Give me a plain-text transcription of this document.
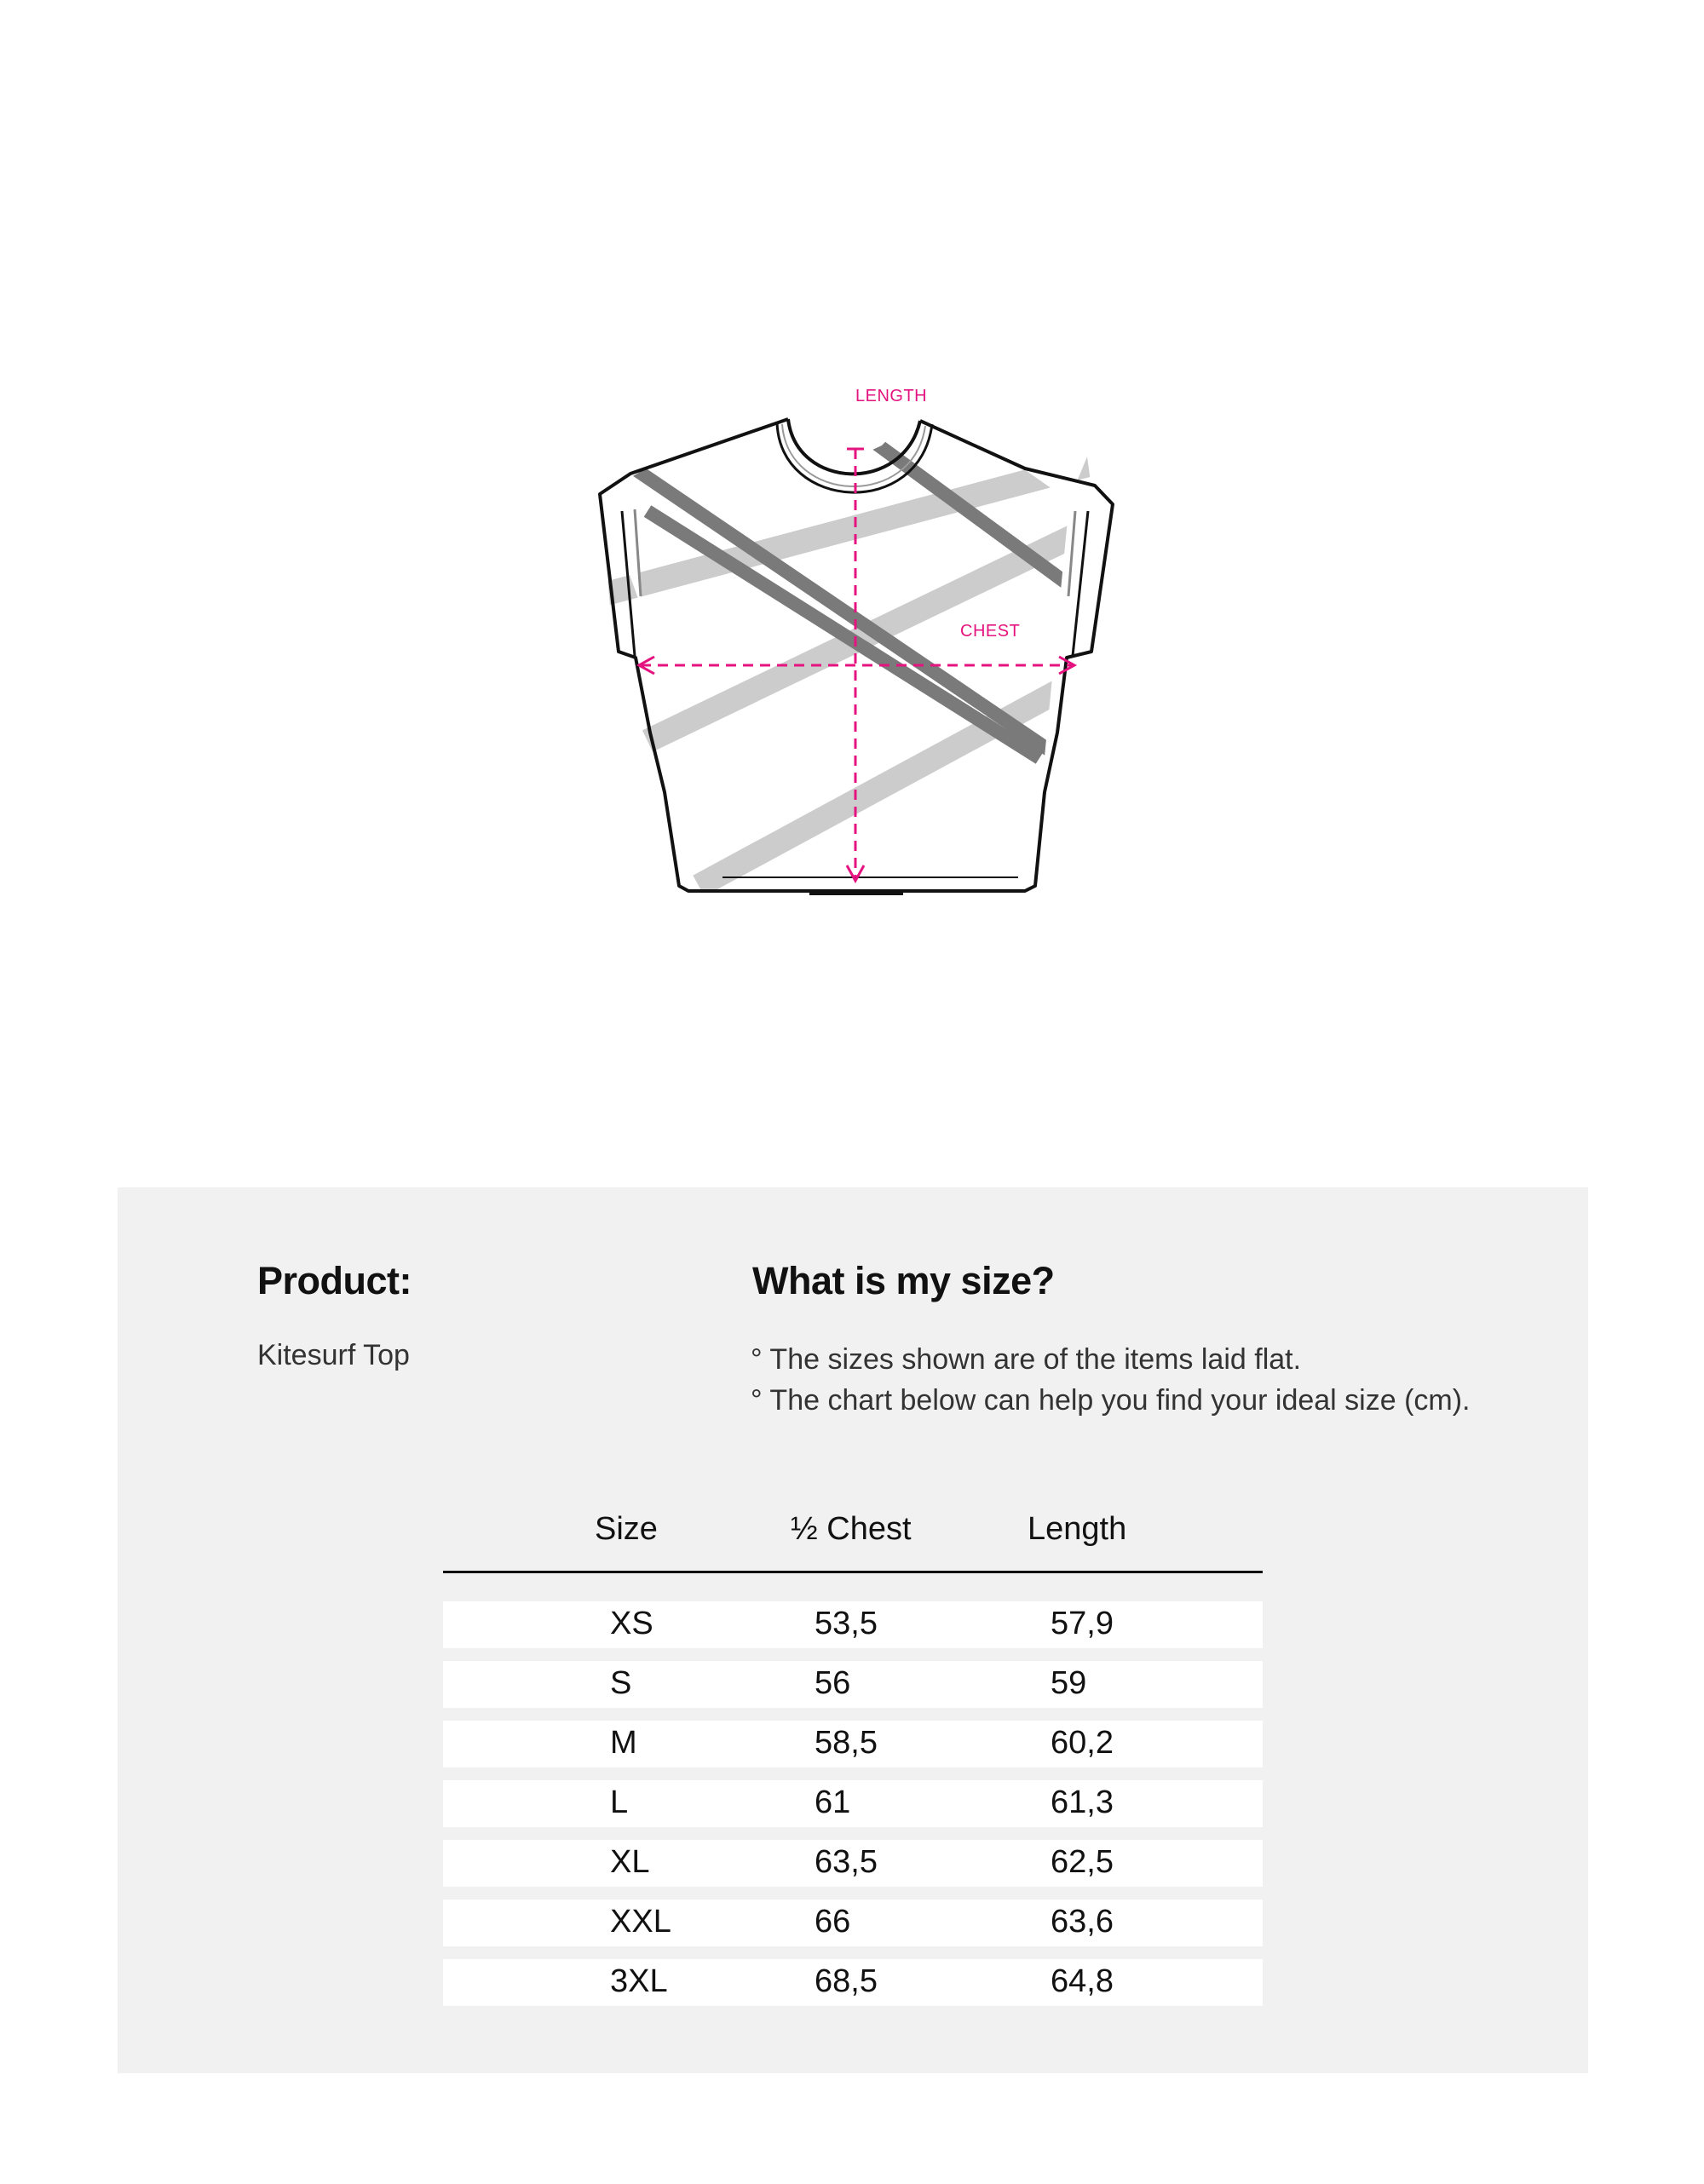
LENGTH
CHEST
Product:
Kitesurf Top
What is my size?
° The sizes shown are of the items laid flat.
° The chart below can help you find your ideal size (cm).
Size	½ Chest	Length
XS	53,5	57,9
S	56	59
M	58,5	60,2
L	61	61,3
XL	63,5	62,5
XXL	66	63,6
3XL	68,5	64,8
